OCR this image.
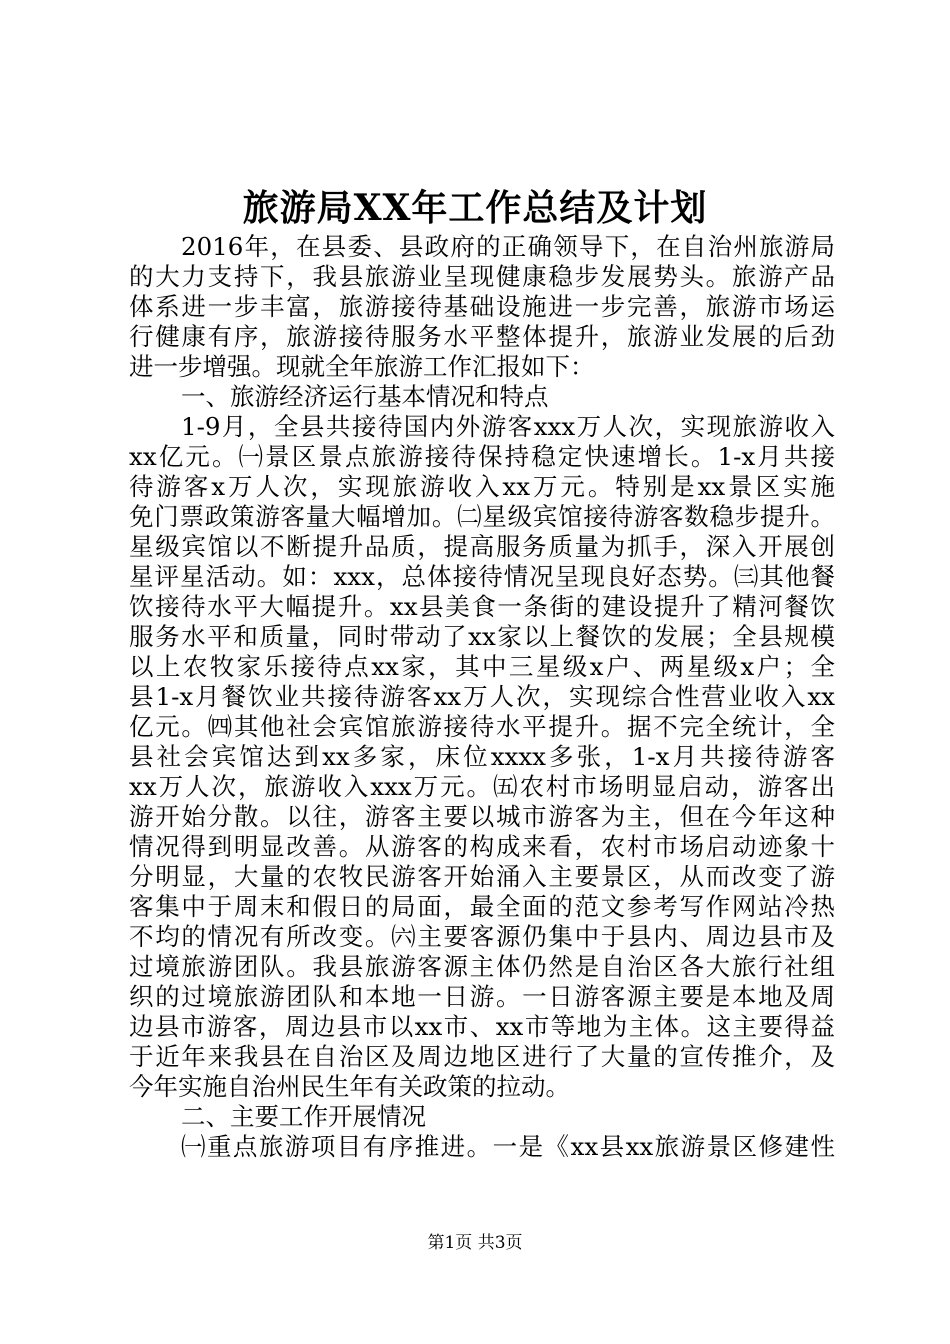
旅游局XX年工作总结及计划
2016年，在县委、县政府的正确领导下，在自治州旅游局
的大力支持下，我县旅游业呈现健康稳步发展势头。旅游产品
体系进一步丰富，旅游接待基础设施进一步完善，旅游市场运
行健康有序，旅游接待服务水平整体提升，旅游业发展的后劲
进一步增强。现就全年旅游工作汇报如下：
一、旅游经济运行基本情况和特点
1-9月，全县共接待国内外游客xxx万人次，实现旅游收入
xx亿元。㈠景区景点旅游接待保持稳定快速增长。1-x月共接
待游客x万人次，实现旅游收入xx万元。特别是xx景区实施
免门票政策游客量大幅增加。㈡星级宾馆接待游客数稳步提升。
星级宾馆以不断提升品质，提高服务质量为抓手，深入开展创
星评星活动。如：xxx，总体接待情况呈现良好态势。㈢其他餐
饮接待水平大幅提升。xx县美食一条街的建设提升了精河餐饮
服务水平和质量，同时带动了xx家以上餐饮的发展；全县规模
以上农牧家乐接待点xx家，其中三星级x户、两星级x户；全
县1-x月餐饮业共接待游客xx万人次，实现综合性营业收入xx
亿元。㈣其他社会宾馆旅游接待水平提升。据不完全统计，全
县社会宾馆达到xx多家，床位xxxx多张，1-x月共接待游客
xx万人次，旅游收入xxx万元。㈤农村市场明显启动，游客出
游开始分散。以往，游客主要以城市游客为主，但在今年这种
情况得到明显改善。从游客的构成来看，农村市场启动迹象十
分明显，大量的农牧民游客开始涌入主要景区，从而改变了游
客集中于周末和假日的局面，最全面的范文参考写作网站冷热
不均的情况有所改变。㈥主要客源仍集中于县内、周边县市及
过境旅游团队。我县旅游客源主体仍然是自治区各大旅行社组
织的过境旅游团队和本地一日游。一日游客源主要是本地及周
边县市游客，周边县市以xx市、xx市等地为主体。这主要得益
于近年来我县在自治区及周边地区进行了大量的宣传推介，及
今年实施自治州民生年有关政策的拉动。
二、主要工作开展情况
㈠重点旅游项目有序推进。一是《xx县xx旅游景区修建性
第1页 共3页
